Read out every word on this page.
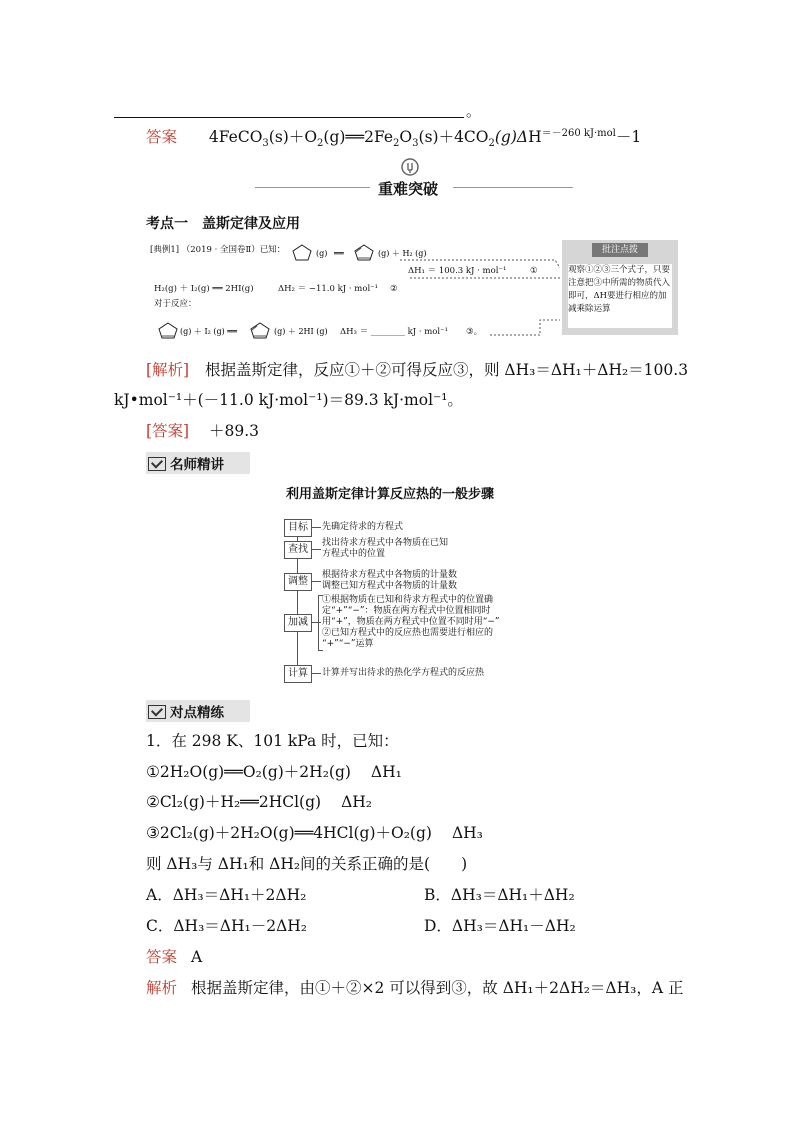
。
答案 $4FeCO_3(s)+O_2(g)══2Fe_2O_3(s)+4CO_2(g)\Delta H^{=-260 kJ\cdot mol}-1$
重难突破
考点一　盖斯定律及应用
[典例1] （2019 · 全国卷Ⅱ）已知：	(g) ══	(g) ＋ H₂ (g)
ΔH₁ ＝ 100.3 kJ · mol⁻¹	①
H₂(g) ＋ I₂(g) ══ 2HI(g)	ΔH₂ ＝ −11.0 kJ · mol⁻¹ ②
对于反应：
(g) ＋ I₂ (g) ══	(g) ＋ 2HI (g) ΔH₃ ＝ ________ kJ · mol⁻¹ ③。
批注点拨
观察①②③三个式子，只要注意把③中所需的物质代入即可，ΔH要进行相应的加减乘除运算
[解析] 根据盖斯定律，反应①＋②可得反应③，则 ΔH₃＝ΔH₁＋ΔH₂＝100.3
kJ•mol⁻¹＋(－11.0 kJ·mol⁻¹)＝89.3 kJ·mol⁻¹。
[答案] ＋89.3
名师精讲
利用盖斯定律计算反应热的一般步骤
目标	先确定待求的方程式
查找
找出待求方程式中各物质在已知
方程式中的位置
调整
根据待求方程式中各物质的计量数
调整已知方程式中各物质的计量数
加减
①根据物质在已知和待求方程式中的位置确
定“+”“−”：物质在两方程式中位置相同时
用“+”，物质在两方程式中位置不同时用“−”
②已知方程式中的反应热也需要进行相应的
“+”“−”运算
计算	计算并写出待求的热化学方程式的反应热
对点精练
1．在 298 K、101 kPa 时，已知：
①2H₂O(g)══O₂(g)＋2H₂(g) ΔH₁
②Cl₂(g)＋H₂══2HCl(g) ΔH₂
③2Cl₂(g)＋2H₂O(g)══4HCl(g)＋O₂(g) ΔH₃
则 ΔH₃与 ΔH₁和 ΔH₂间的关系正确的是(　　)
A．ΔH₃＝ΔH₁＋2ΔH₂	B．ΔH₃＝ΔH₁＋ΔH₂
C．ΔH₃＝ΔH₁－2ΔH₂	D．ΔH₃＝ΔH₁－ΔH₂
答案 A
解析 根据盖斯定律，由①＋②×2 可以得到③，故 ΔH₁＋2ΔH₂＝ΔH₃，A 正
